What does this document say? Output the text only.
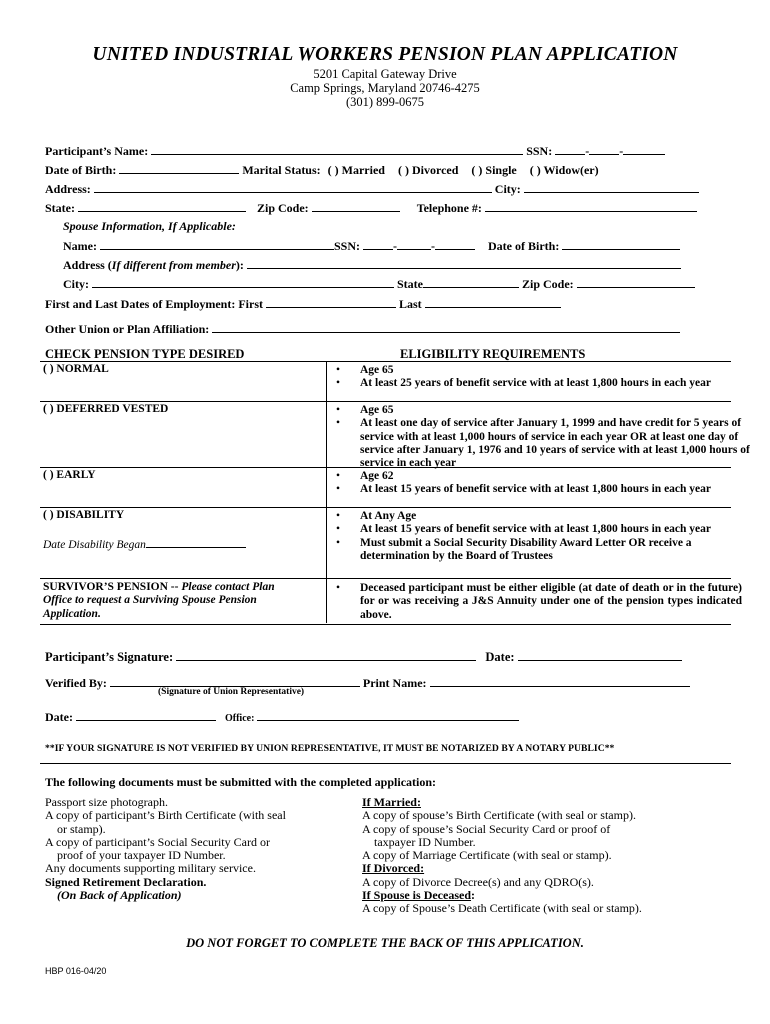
UNITED INDUSTRIAL WORKERS PENSION PLAN APPLICATION
5201 Capital Gateway Drive
Camp Springs, Maryland 20746-4275
(301) 899-0675
Participant’s Name:	SSN:	-	-
Date of Birth:	Marital Status: ( ) Married ( ) Divorced ( ) Single ( ) Widow(er)
Address:	City:
State:	Zip Code:	Telephone #:
Spouse Information, If Applicable:
Name:	SSN:	-	-	Date of Birth:
Address (If different from member):
City:	State	Zip Code:
First and Last Dates of Employment: First	Last
Other Union or Plan Affiliation:
CHECK PENSION TYPE DESIRED	ELIGIBILITY REQUIREMENTS
( ) NORMAL	• Age 65
• At least 25 years of benefit service with at least 1,800 hours in each year
( ) DEFERRED VESTED	• Age 65
• At least one day of service after January 1, 1999 and have credit for 5 years of service with at least 1,000 hours of service in each year OR at least one day of service after January 1, 1976 and 10 years of service with at least 1,000 hours of service in each year
( ) EARLY	• Age 62
• At least 15 years of benefit service with at least 1,800 hours in each year
( ) DISABILITY
Date Disability Began
• At Any Age
• At least 15 years of benefit service with at least 1,800 hours in each year
• Must submit a Social Security Disability Award Letter OR receive a determination by the Board of Trustees
SURVIVOR’S PENSION -- Please contact Plan Office to request a Surviving Spouse Pension Application.
• Deceased participant must be either eligible (at date of death or in the future) for or was receiving a J&S Annuity under one of the pension types indicated above.
Participant’s Signature:	Date:
Verified By:	Print Name:
(Signature of Union Representative)
Date:	Office:
**IF YOUR SIGNATURE IS NOT VERIFIED BY UNION REPRESENTATIVE, IT MUST BE NOTARIZED BY A NOTARY PUBLIC**
The following documents must be submitted with the completed application:
Passport size photograph.
A copy of participant’s Birth Certificate (with seal
or stamp).
A copy of participant’s Social Security Card or
proof of your taxpayer ID Number.
Any documents supporting military service.
Signed Retirement Declaration.
(On Back of Application)
If Married:
A copy of spouse’s Birth Certificate (with seal or stamp).
A copy of spouse’s Social Security Card or proof of
taxpayer ID Number.
A copy of Marriage Certificate (with seal or stamp).
If Divorced:
A copy of Divorce Decree(s) and any QDRO(s).
If Spouse is Deceased:
A copy of Spouse’s Death Certificate (with seal or stamp).
DO NOT FORGET TO COMPLETE THE BACK OF THIS APPLICATION.
HBP 016-04/20
